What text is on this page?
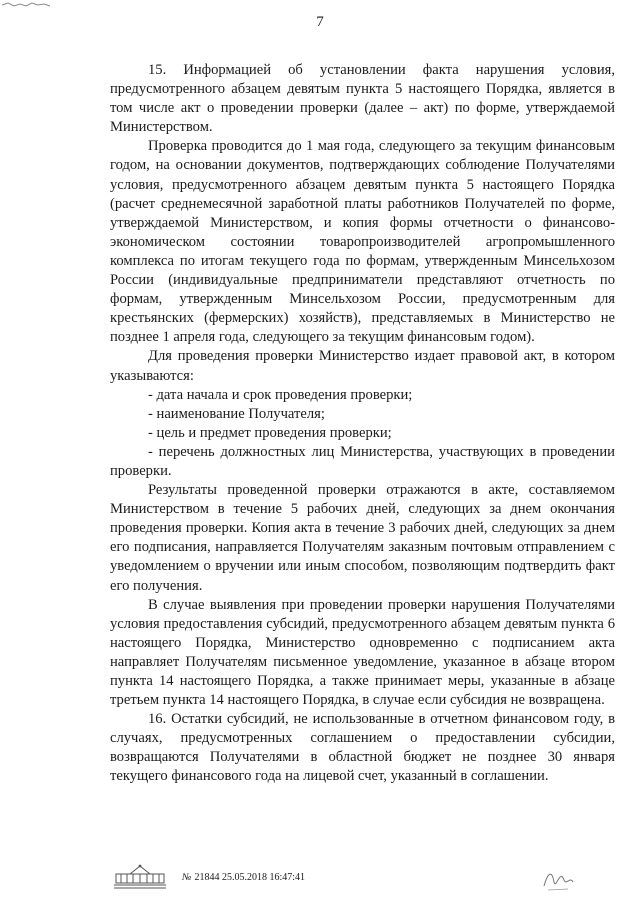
7

15. Информацией об установлении факта нарушения условия, предусмотренного абзацем девятым пункта 5 настоящего Порядка, является в том числе акт о проведении проверки (далее – акт) по форме, утверждаемой Министерством.

Проверка проводится до 1 мая года, следующего за текущим финансовым годом, на основании документов, подтверждающих соблюдение Получателями условия, предусмотренного абзацем девятым пункта 5 настоящего Порядка (расчет среднемесячной заработной платы работников Получателей по форме, утверждаемой Министерством, и копия формы отчетности о финансово-экономическом состоянии товаропроизводителей агропромышленного комплекса по итогам текущего года по формам, утвержденным Минсельхозом России (индивидуальные предприниматели представляют отчетность по формам, утвержденным Минсельхозом России, предусмотренным для крестьянских (фермерских) хозяйств), представляемых в Министерство не позднее 1 апреля года, следующего за текущим финансовым годом).

Для проведения проверки Министерство издает правовой акт, в котором указываются:

- дата начала и срок проведения проверки;

- наименование Получателя;

- цель и предмет проведения проверки;

- перечень должностных лиц Министерства, участвующих в проведении проверки.

Результаты проведенной проверки отражаются в акте, составляемом Министерством в течение 5 рабочих дней, следующих за днем окончания проведения проверки. Копия акта в течение 3 рабочих дней, следующих за днем его подписания, направляется Получателям заказным почтовым отправлением с уведомлением о вручении или иным способом, позволяющим подтвердить факт его получения.

В случае выявления при проведении проверки нарушения Получателями условия предоставления субсидий, предусмотренного абзацем девятым пункта 6 настоящего Порядка, Министерство одновременно с подписанием акта направляет Получателям письменное уведомление, указанное в абзаце втором пункта 14 настоящего Порядка, а также принимает меры, указанные в абзаце третьем пункта 14 настоящего Порядка, в случае если субсидия не возвращена.

16. Остатки субсидий, не использованные в отчетном финансовом году, в случаях, предусмотренных соглашением о предоставлении субсидии, возвращаются Получателями в областной бюджет не позднее 30 января текущего финансового года на лицевой счет, указанный в соглашении.

№ 21844 25.05.2018 16:47:41
